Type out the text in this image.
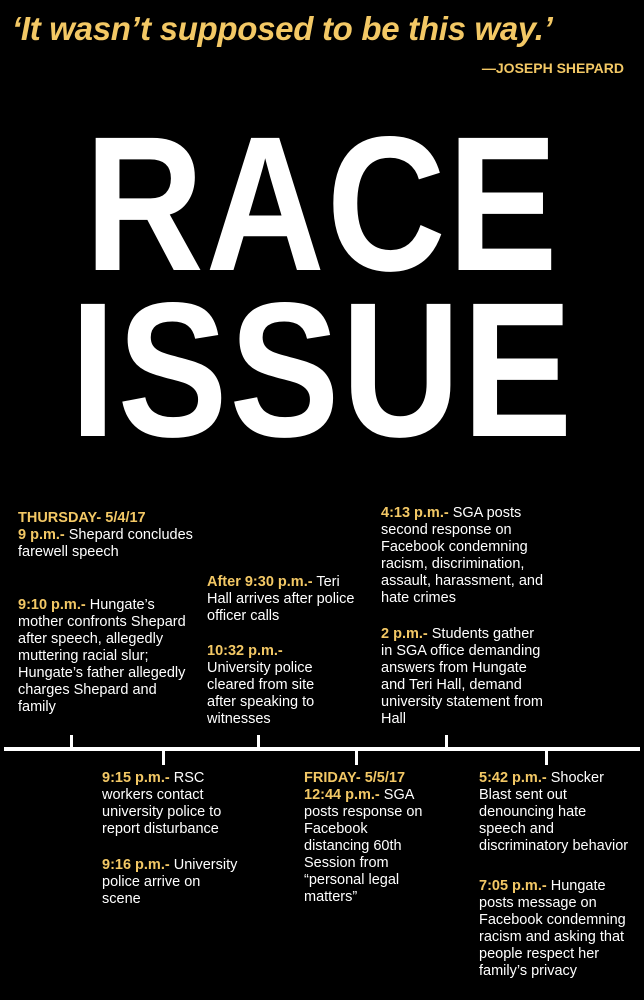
‘It wasn’t supposed to be this way.’
—JOSEPH SHEPARD
RACE
ISSUE
THURSDAY- 5/4/17
9 p.m.- Shepard concludes farewell speech
9:10 p.m.- Hungate’s mother confronts Shepard after speech, allegedly muttering racial slur; Hungate’s father allegedly charges Shepard and family
9:15 p.m.- RSC workers contact university police to report disturbance
9:16 p.m.- University police arrive on scene
After 9:30 p.m.- Teri Hall arrives after police officer calls
10:32 p.m.- University police cleared from site after speaking to witnesses
FRIDAY- 5/5/17
12:44 p.m.- SGA posts response on Facebook distancing 60th Session from “personal legal matters”
4:13 p.m.- SGA posts second response on Facebook condemning racism, discrimination, assault, harassment, and hate crimes
2 p.m.- Students gather in SGA office demanding answers from Hungate and Teri Hall, demand university statement from Hall
5:42 p.m.- Shocker Blast sent out denouncing hate speech and discriminatory behavior
7:05 p.m.- Hungate posts message on Facebook condemning racism and asking that people respect her family’s privacy
